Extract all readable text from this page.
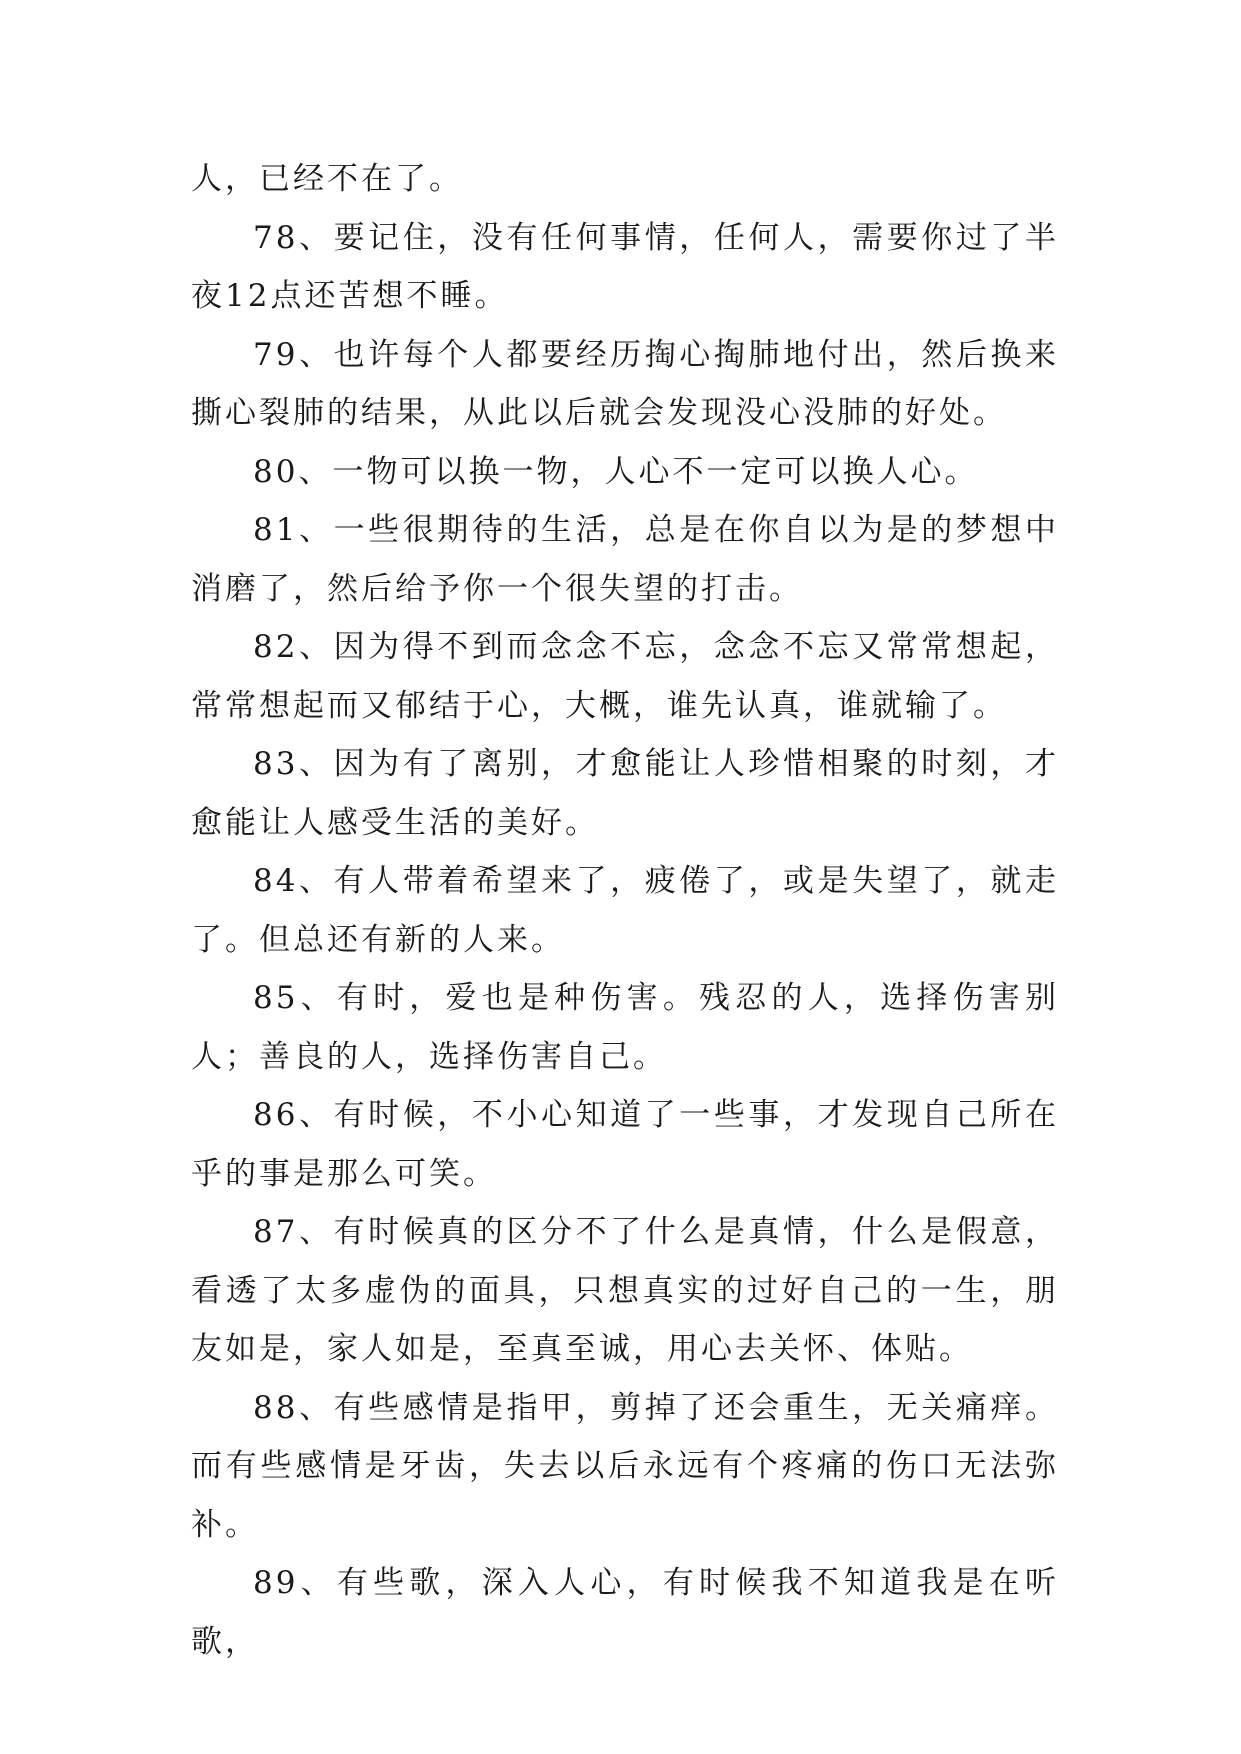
人，已经不在了。

78、要记住，没有任何事情，任何人，需要你过了半夜12点还苦想不睡。

79、也许每个人都要经历掏心掏肺地付出，然后换来撕心裂肺的结果，从此以后就会发现没心没肺的好处。

80、一物可以换一物，人心不一定可以换人心。

81、一些很期待的生活，总是在你自以为是的梦想中消磨了，然后给予你一个很失望的打击。

82、因为得不到而念念不忘，念念不忘又常常想起，常常想起而又郁结于心，大概，谁先认真，谁就输了。

83、因为有了离别，才愈能让人珍惜相聚的时刻，才愈能让人感受生活的美好。

84、有人带着希望来了，疲倦了，或是失望了，就走了。但总还有新的人来。

85、有时，爱也是种伤害。残忍的人，选择伤害别人；善良的人，选择伤害自己。

86、有时候，不小心知道了一些事，才发现自己所在乎的事是那么可笑。

87、有时候真的区分不了什么是真情，什么是假意，看透了太多虚伪的面具，只想真实的过好自己的一生，朋友如是，家人如是，至真至诚，用心去关怀、体贴。

88、有些感情是指甲，剪掉了还会重生，无关痛痒。而有些感情是牙齿，失去以后永远有个疼痛的伤口无法弥补。

89、有些歌，深入人心，有时候我不知道我是在听歌，
